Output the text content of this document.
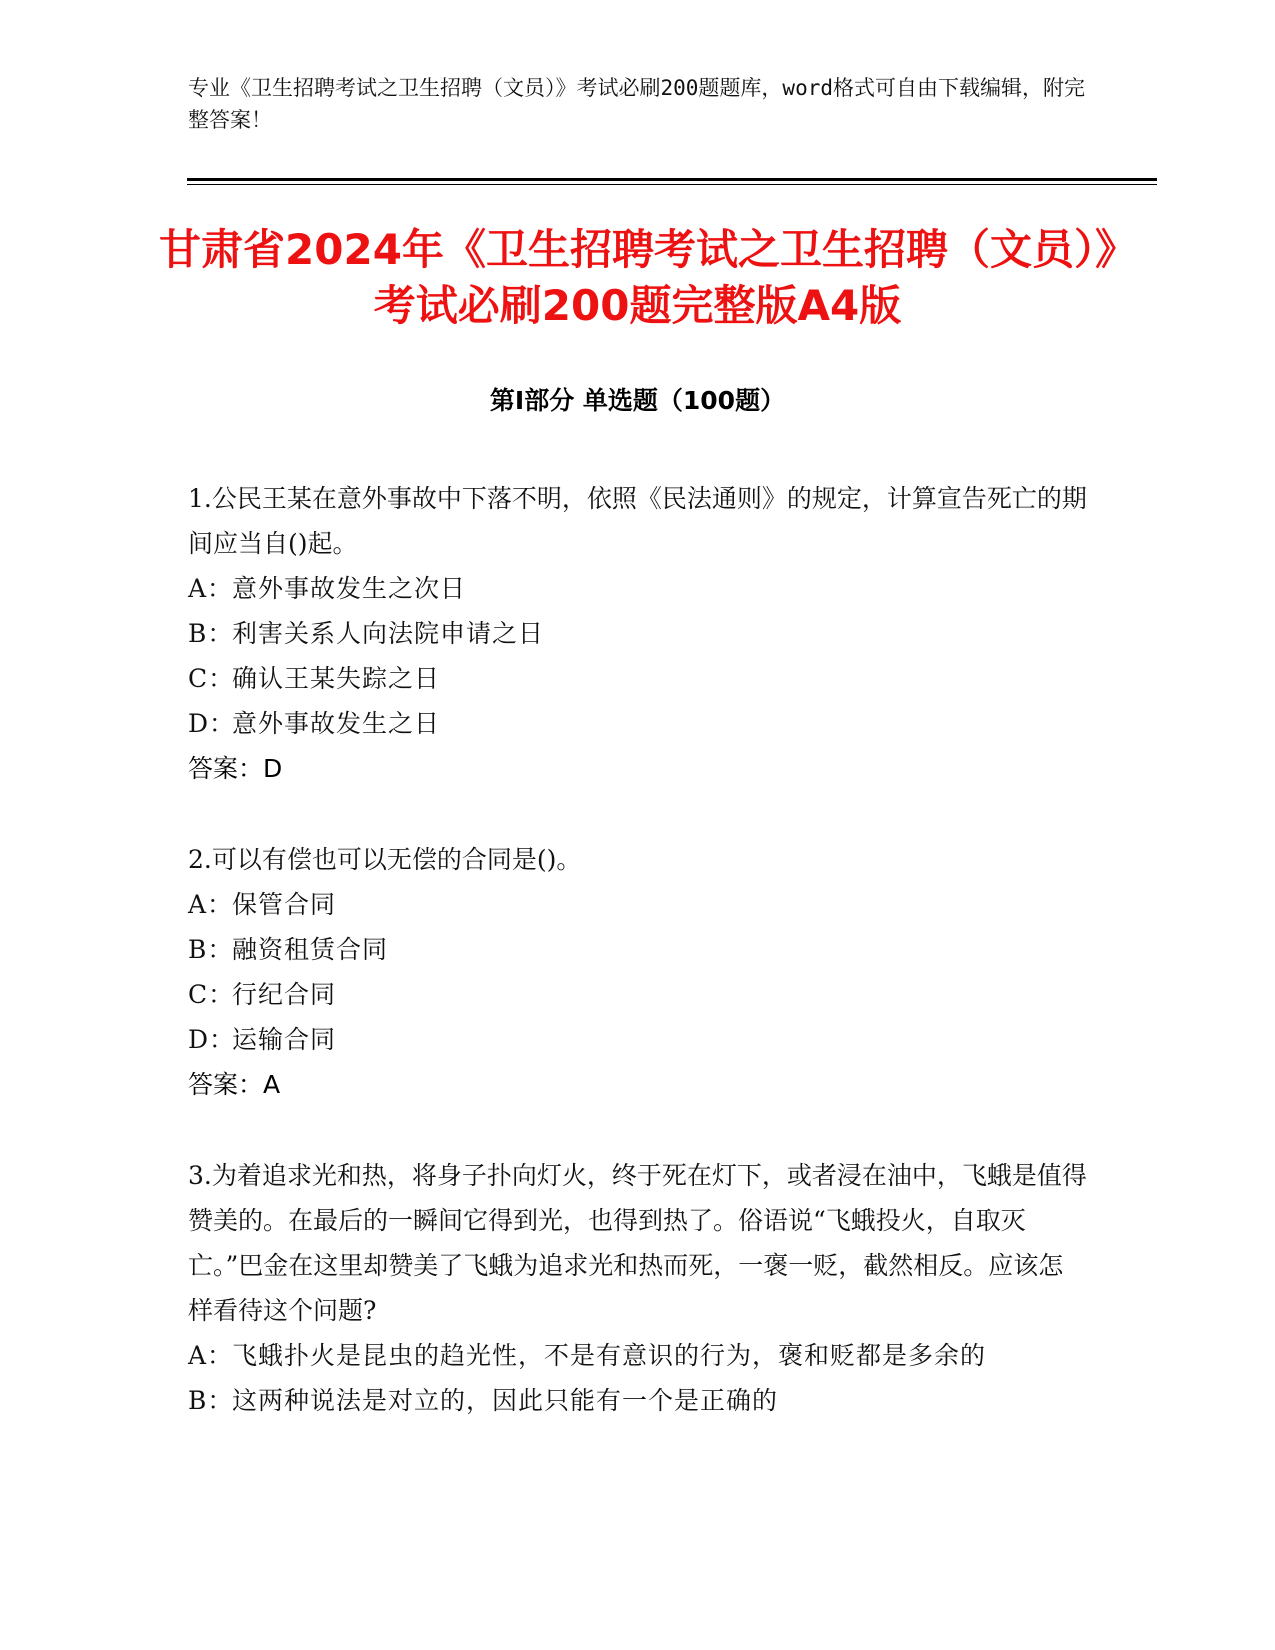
专业《卫生招聘考试之卫生招聘（文员）》考试必刷200题题库，word格式可自由下载编辑，附完整答案！
甘肃省2024年《卫生招聘考试之卫生招聘（文员）》考试必刷200题完整版A4版
第Ⅰ部分 单选题（100题）

1.公民王某在意外事故中下落不明，依照《民法通则》的规定，计算宣告死亡的期间应当自()起。

A：意外事故发生之次日
B：利害关系人向法院申请之日
C：确认王某失踪之日
D：意外事故发生之日
答案：D

2.可以有偿也可以无偿的合同是()。

A：保管合同
B：融资租赁合同
C：行纪合同
D：运输合同
答案：A

3.为着追求光和热，将身子扑向灯火，终于死在灯下，或者浸在油中，飞蛾是值得赞美的。在最后的一瞬间它得到光，也得到热了。俗语说“飞蛾投火，自取灭亡。”巴金在这里却赞美了飞蛾为追求光和热而死，一褒一贬，截然相反。应该怎样看待这个问题?

A：飞蛾扑火是昆虫的趋光性，不是有意识的行为，褒和贬都是多余的
B：这两种说法是对立的，因此只能有一个是正确的
